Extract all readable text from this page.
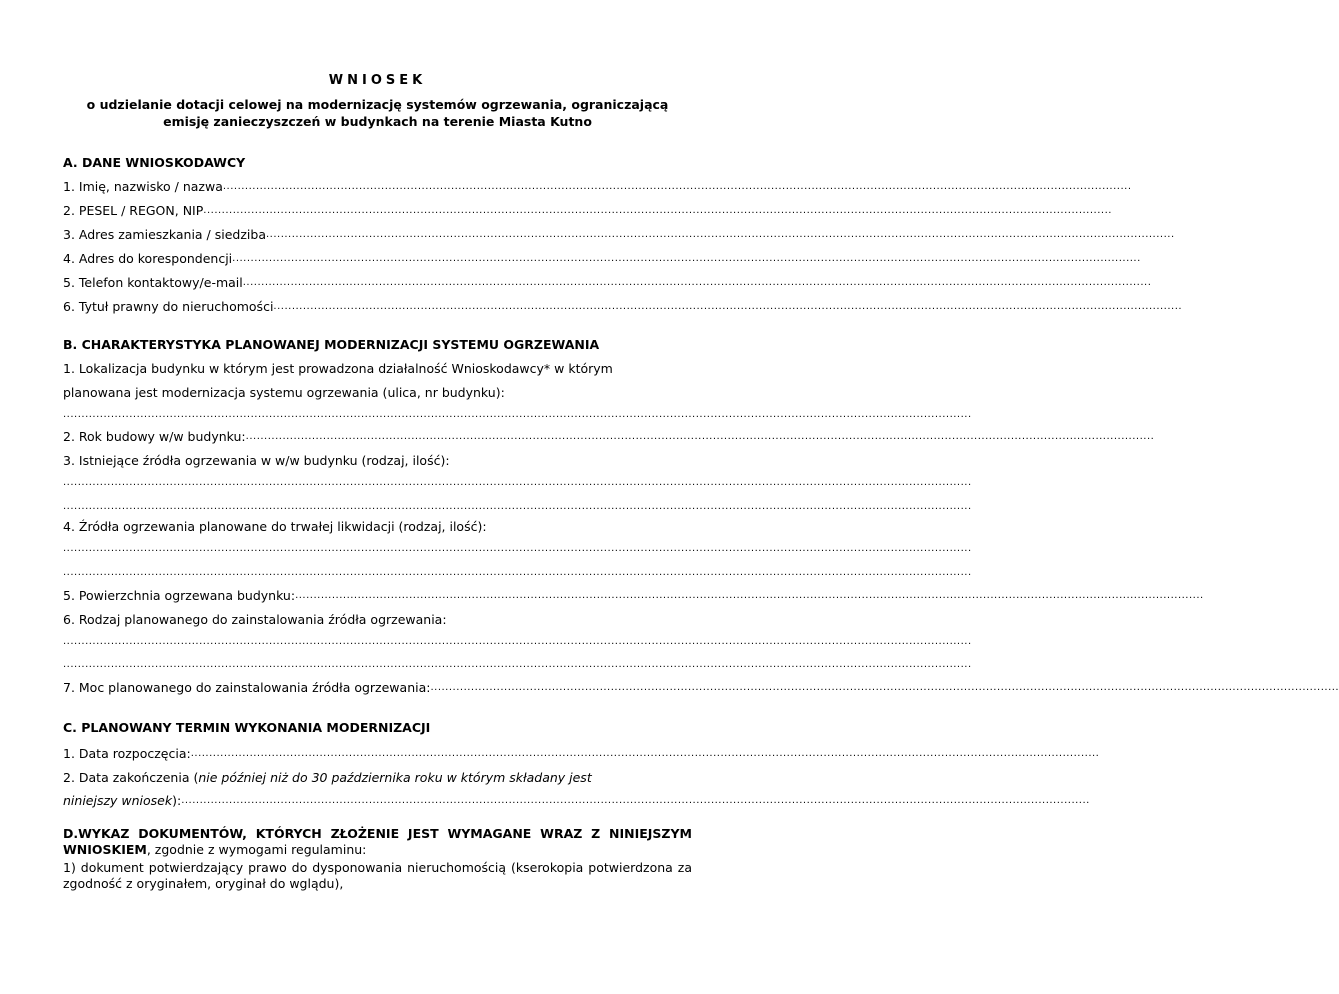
WNIOSEK
o udzielanie dotacji celowej na modernizację systemów ogrzewania, ograniczającą
emisję zanieczyszczeń w budynkach na terenie Miasta Kutno
A. DANE WNIOSKODAWCY
1. Imię, nazwisko / nazwa .......................................................................................................................................................................................................................................................
2. PESEL / REGON, NIP .......................................................................................................................................................................................................................................................
3. Adres zamieszkania / siedziba .......................................................................................................................................................................................................................................................
4. Adres do korespondencji .......................................................................................................................................................................................................................................................
5. Telefon kontaktowy/e-mail .......................................................................................................................................................................................................................................................
6. Tytuł prawny do nieruchomości .......................................................................................................................................................................................................................................................
B. CHARAKTERYSTYKA PLANOWANEJ MODERNIZACJI SYSTEMU OGRZEWANIA
1. Lokalizacja budynku w którym jest prowadzona działalność Wnioskodawcy* w którym
planowana jest modernizacja systemu ogrzewania (ulica, nr budynku):
.......................................................................................................................................................................................................................................................
2. Rok budowy w/w budynku: .......................................................................................................................................................................................................................................................
3. Istniejące źródła ogrzewania w w/w budynku (rodzaj, ilość):
.......................................................................................................................................................................................................................................................
.......................................................................................................................................................................................................................................................
4. Źródła ogrzewania planowane do trwałej likwidacji (rodzaj, ilość):
.......................................................................................................................................................................................................................................................
.......................................................................................................................................................................................................................................................
5. Powierzchnia ogrzewana budynku: .......................................................................................................................................................................................................................................................
6. Rodzaj planowanego do zainstalowania źródła ogrzewania:
.......................................................................................................................................................................................................................................................
.......................................................................................................................................................................................................................................................
7. Moc planowanego do zainstalowania źródła ogrzewania: .......................................................................................................................................................................................................................................................
C. PLANOWANY TERMIN WYKONANIA MODERNIZACJI
1. Data rozpoczęcia: .......................................................................................................................................................................................................................................................
2. Data zakończenia (nie później niż do 30 października roku w którym składany jest
niniejszy wniosek): .......................................................................................................................................................................................................................................................
D.WYKAZ DOKUMENTÓW, KTÓRYCH ZŁOŻENIE JEST WYMAGANE WRAZ Z NINIEJSZYM WNIOSKIEM, zgodnie z wymogami regulaminu:
1) dokument potwierdzający prawo do dysponowania nieruchomością (kserokopia potwierdzona za zgodność z oryginałem, oryginał do wglądu),
